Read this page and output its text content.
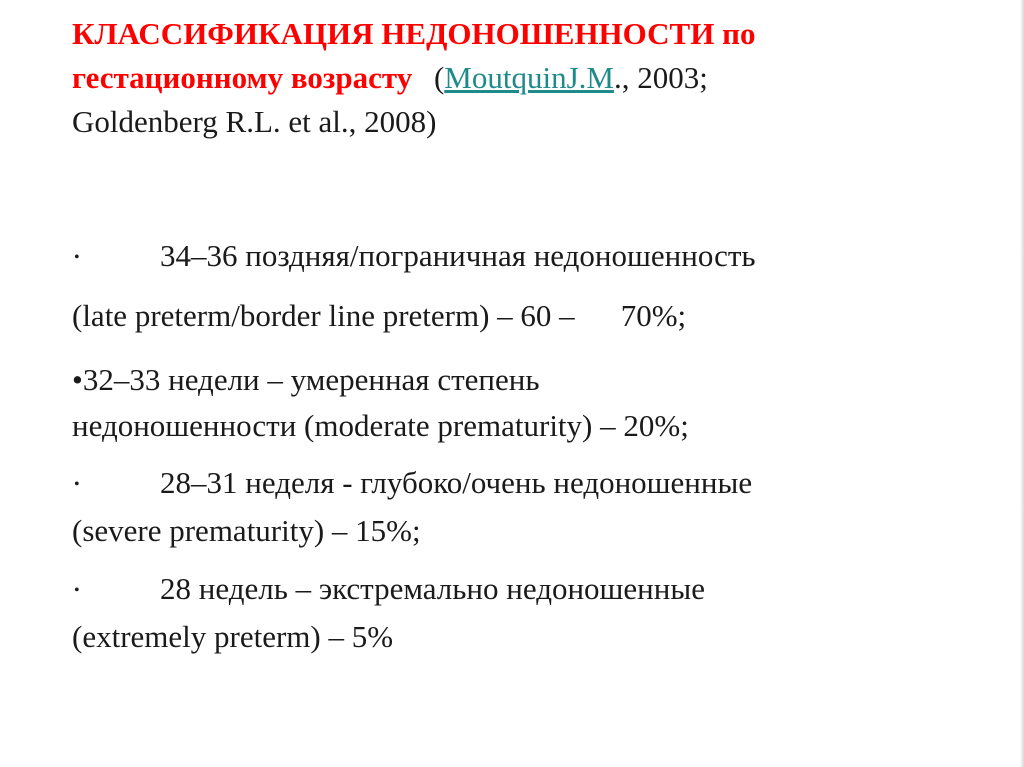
КЛАССИФИКАЦИЯ НЕДОНОШЕННОСТИ по
гестационному возрасту (MoutquinJ.M., 2003;
Goldenberg R.L. et al., 2008)
•	34–36 поздняя/пограничная недоношенность
(late preterm/border line preterm) – 60 – 70%;
•32–33 недели – умеренная степень
недоношенности (moderate prematurity) – 20%;
•	28–31 неделя - глубоко/очень недоношенные
(severe prematurity) – 15%;
•	28 недель – экстремально недоношенные
(extremely preterm) – 5%
